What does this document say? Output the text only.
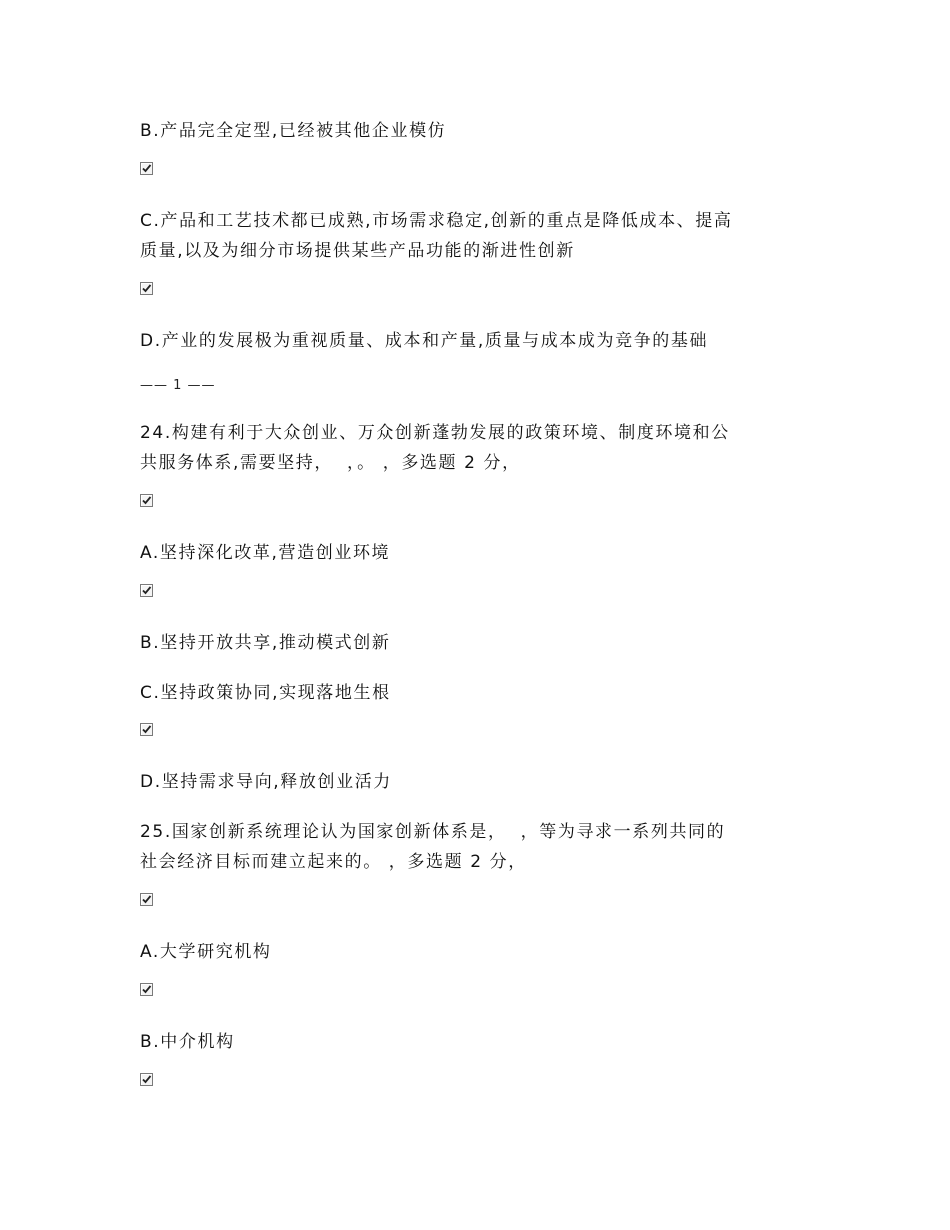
B.产品完全定型,已经被其他企业模仿
C.产品和工艺技术都已成熟,市场需求稳定,创新的重点是降低成本、提高
质量,以及为细分市场提供某些产品功能的渐进性创新
D.产业的发展极为重视质量、成本和产量,质量与成本成为竞争的基础
—— 1 ——
24.构建有利于大众创业、万众创新蓬勃发展的政策环境、制度环境和公
共服务体系,需要坚持，  ，。 ，多选题 2 分，
A.坚持深化改革,营造创业环境
B.坚持开放共享,推动模式创新
C.坚持政策协同,实现落地生根
D.坚持需求导向,释放创业活力
25.国家创新系统理论认为国家创新体系是，  ，等为寻求一系列共同的
社会经济目标而建立起来的。 ，多选题 2 分，
A.大学研究机构
B.中介机构
